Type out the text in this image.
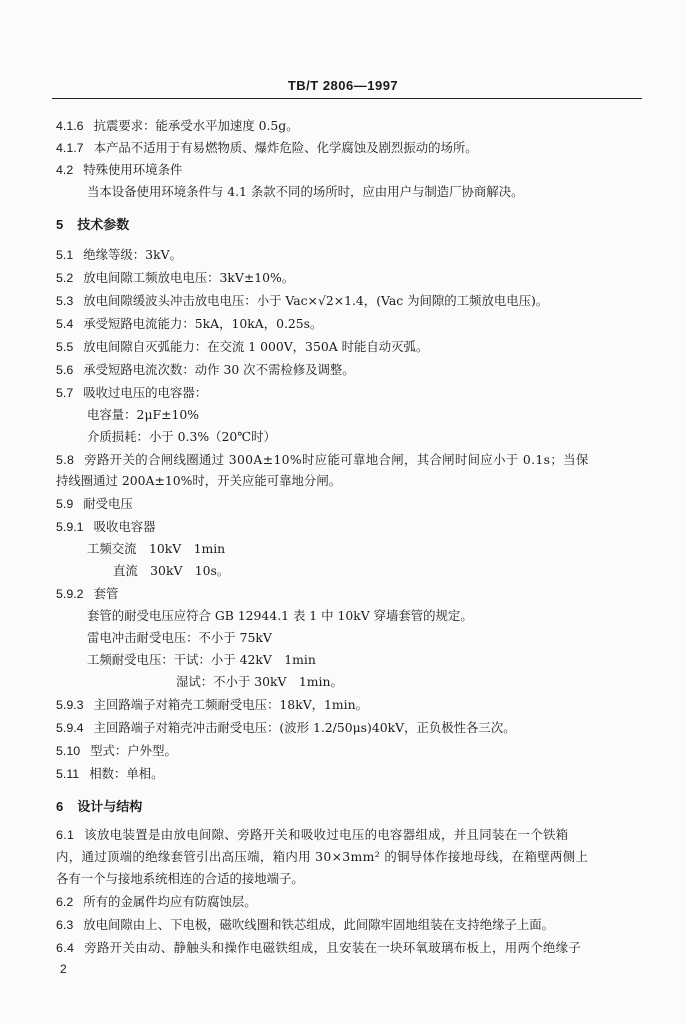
TB/T 2806—1997
4.1.6 抗震要求：能承受水平加速度 0.5g。
4.1.7 本产品不适用于有易燃物质、爆炸危险、化学腐蚀及剧烈振动的场所。
4.2 特殊使用环境条件
当本设备使用环境条件与 4.1 条款不同的场所时，应由用户与制造厂协商解决。
5 技术参数
5.1 绝缘等级：3kV。
5.2 放电间隙工频放电电压：3kV±10%。
5.3 放电间隙缓波头冲击放电电压：小于 Vac×√2×1.4，(Vac 为间隙的工频放电电压)。
5.4 承受短路电流能力：5kA，10kA，0.25s。
5.5 放电间隙自灭弧能力：在交流 1 000V，350A 时能自动灭弧。
5.6 承受短路电流次数：动作 30 次不需检修及调整。
5.7 吸收过电压的电容器：
电容量：2μF±10%
介质损耗：小于 0.3%（20℃时）
5.8 旁路开关的合闸线圈通过 300A±10%时应能可靠地合闸，其合闸时间应小于 0.1s；当保
持线圈通过 200A±10%时，开关应能可靠地分闸。
5.9 耐受电压
5.9.1 吸收电容器
工频交流　10kV　1min
直流　30kV　10s。
5.9.2 套管
套管的耐受电压应符合 GB 12944.1 表 1 中 10kV 穿墙套管的规定。
雷电冲击耐受电压：不小于 75kV
工频耐受电压：干试：小于 42kV　1min
湿试：不小于 30kV　1min。
5.9.3 主回路端子对箱壳工频耐受电压：18kV，1min。
5.9.4 主回路端子对箱壳冲击耐受电压：(波形 1.2/50μs)40kV，正负极性各三次。
5.10 型式：户外型。
5.11 相数：单相。
6 设计与结构
6.1 该放电装置是由放电间隙、旁路开关和吸收过电压的电容器组成，并且同装在一个铁箱
内，通过顶端的绝缘套管引出高压端，箱内用 30×3mm² 的铜导体作接地母线，在箱壁两侧上
各有一个与接地系统相连的合适的接地端子。
6.2 所有的金属件均应有防腐蚀层。
6.3 放电间隙由上、下电极，磁吹线圈和铁芯组成，此间隙牢固地组装在支持绝缘子上面。
6.4 旁路开关由动、静触头和操作电磁铁组成，且安装在一块环氧玻璃布板上，用两个绝缘子
2
